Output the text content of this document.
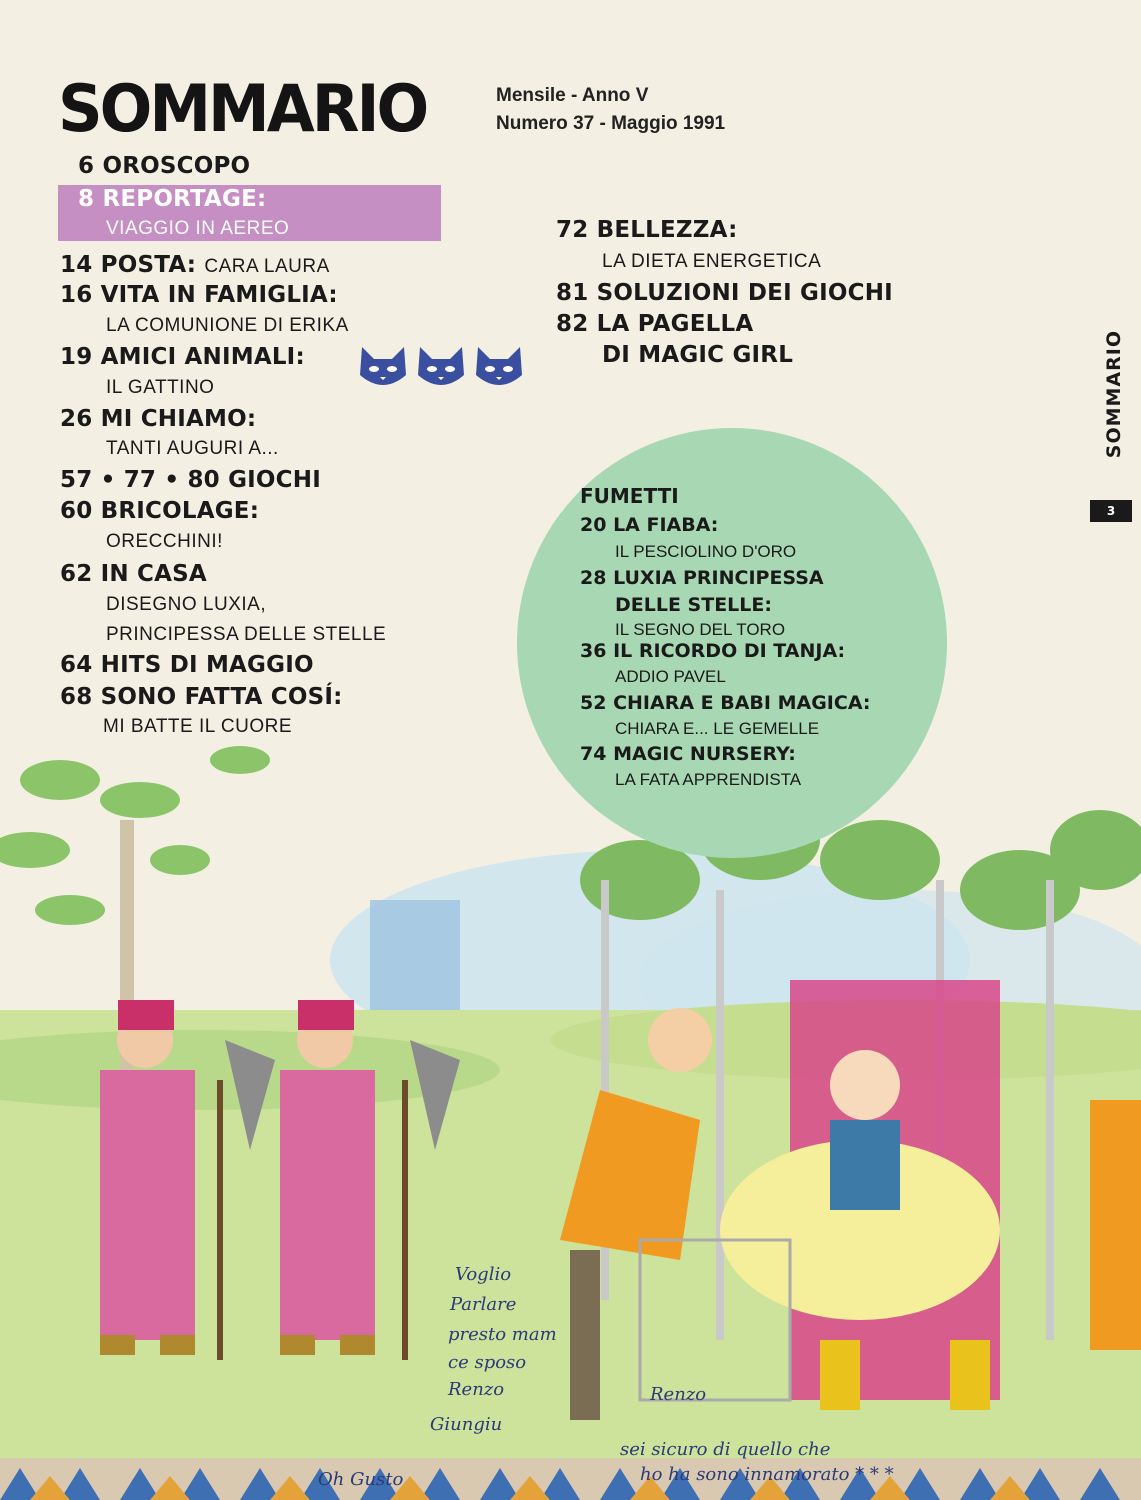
Voglio
Parlare
presto mam
ce sposo
Renzo
Giungiu
Renzo
Oh Gusto
sei sicuro di quello che
ho ha sono innamorato * * *
SOMMARIO	Mensile - Anno V
Numero 37 - Maggio 1991
6 OROSCOPO
8 REPORTAGE:
VIAGGIO IN AEREO
14 POSTA: CARA LAURA
16 VITA IN FAMIGLIA:
LA COMUNIONE DI ERIKA
19 AMICI ANIMALI:
IL GATTINO
26 MI CHIAMO:
TANTI AUGURI A...
57 • 77 • 80 GIOCHI
60 BRICOLAGE:
ORECCHINI!
62 IN CASA
DISEGNO LUXIA,
PRINCIPESSA DELLE STELLE
64 HITS DI MAGGIO
68 SONO FATTA COSÍ:
MI BATTE IL CUORE
72 BELLEZZA:
LA DIETA ENERGETICA
81 SOLUZIONI DEI GIOCHI
82 LA PAGELLA
DI MAGIC GIRL
FUMETTI
20 LA FIABA:
IL PESCIOLINO D'ORO
28 LUXIA PRINCIPESSA
DELLE STELLE:
IL SEGNO DEL TORO
36 IL RICORDO DI TANJA:
ADDIO PAVEL
52 CHIARA E BABI MAGICA:
CHIARA E... LE GEMELLE
74 MAGIC NURSERY:
LA FATA APPRENDISTA
SOMMARIO
3
